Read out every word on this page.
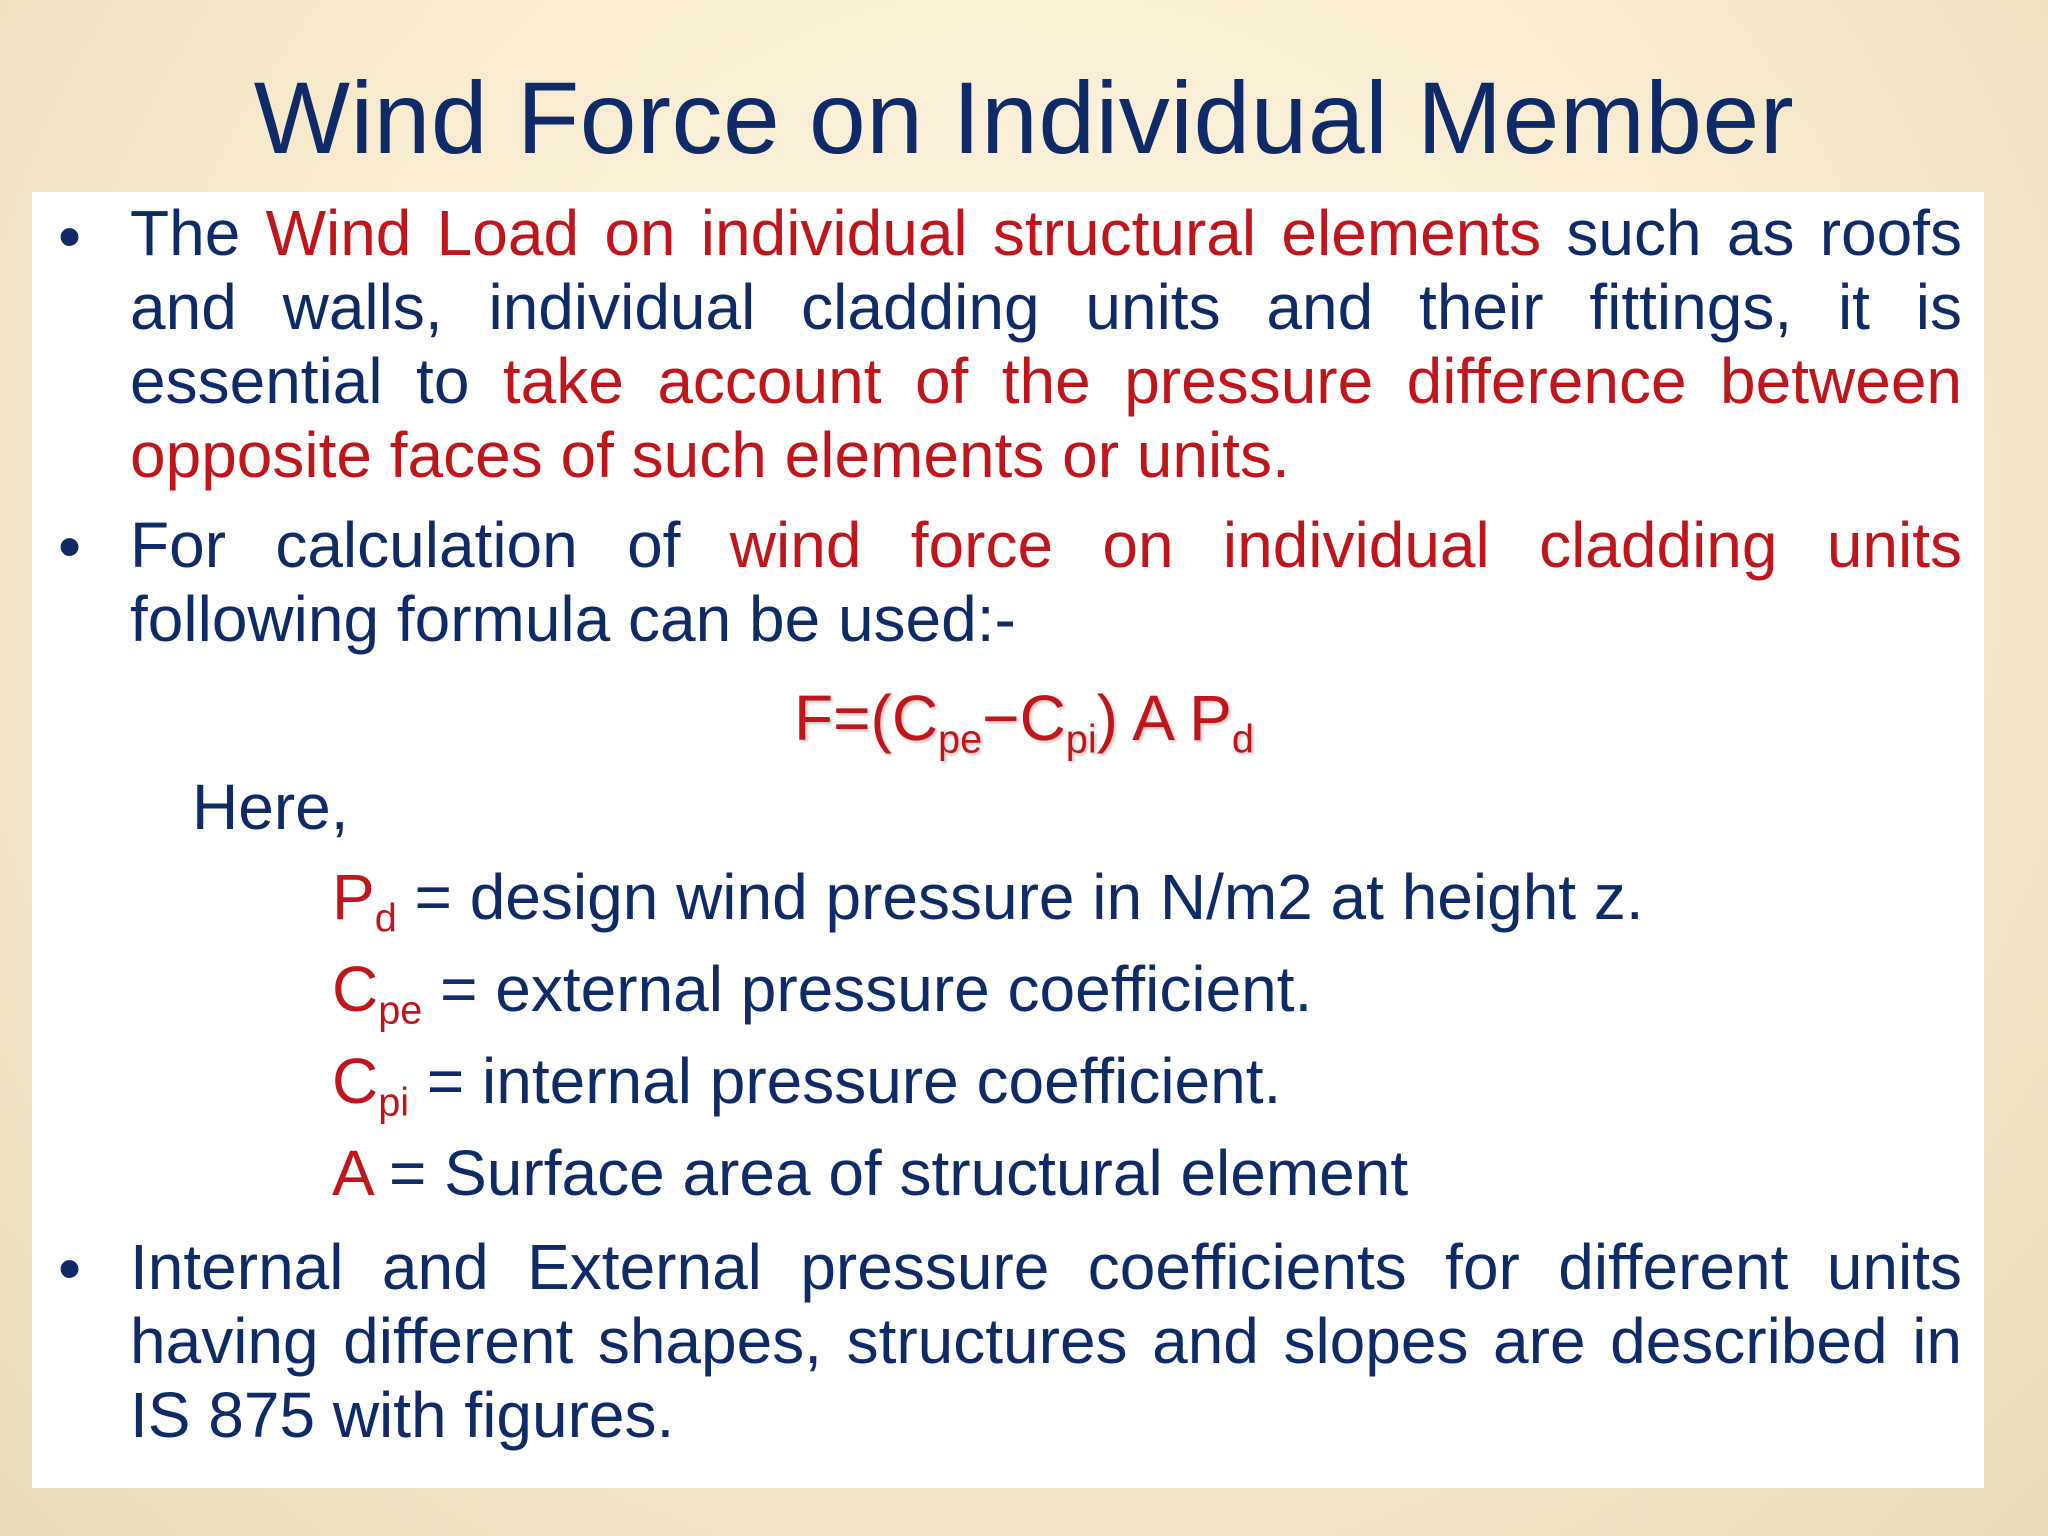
Wind Force on Individual Member
• The Wind Load on individual structural elements such as roofs and walls, individual cladding units and their fittings, it is essential to take account of the pressure difference between opposite faces of such elements or units.
• For calculation of wind force on individual cladding units following formula can be used:-
$F=(C_{pe}-C_{pi})$ A $P_d$
Here,
$P_d$ = design wind pressure in N/m2 at height z.
$C_{pe}$ = external pressure coefficient.
$C_{pi}$ = internal pressure coefficient.
A = Surface area of structural element
• Internal and External pressure coefficients for different units having different shapes, structures and slopes are described in IS 875 with figures.
